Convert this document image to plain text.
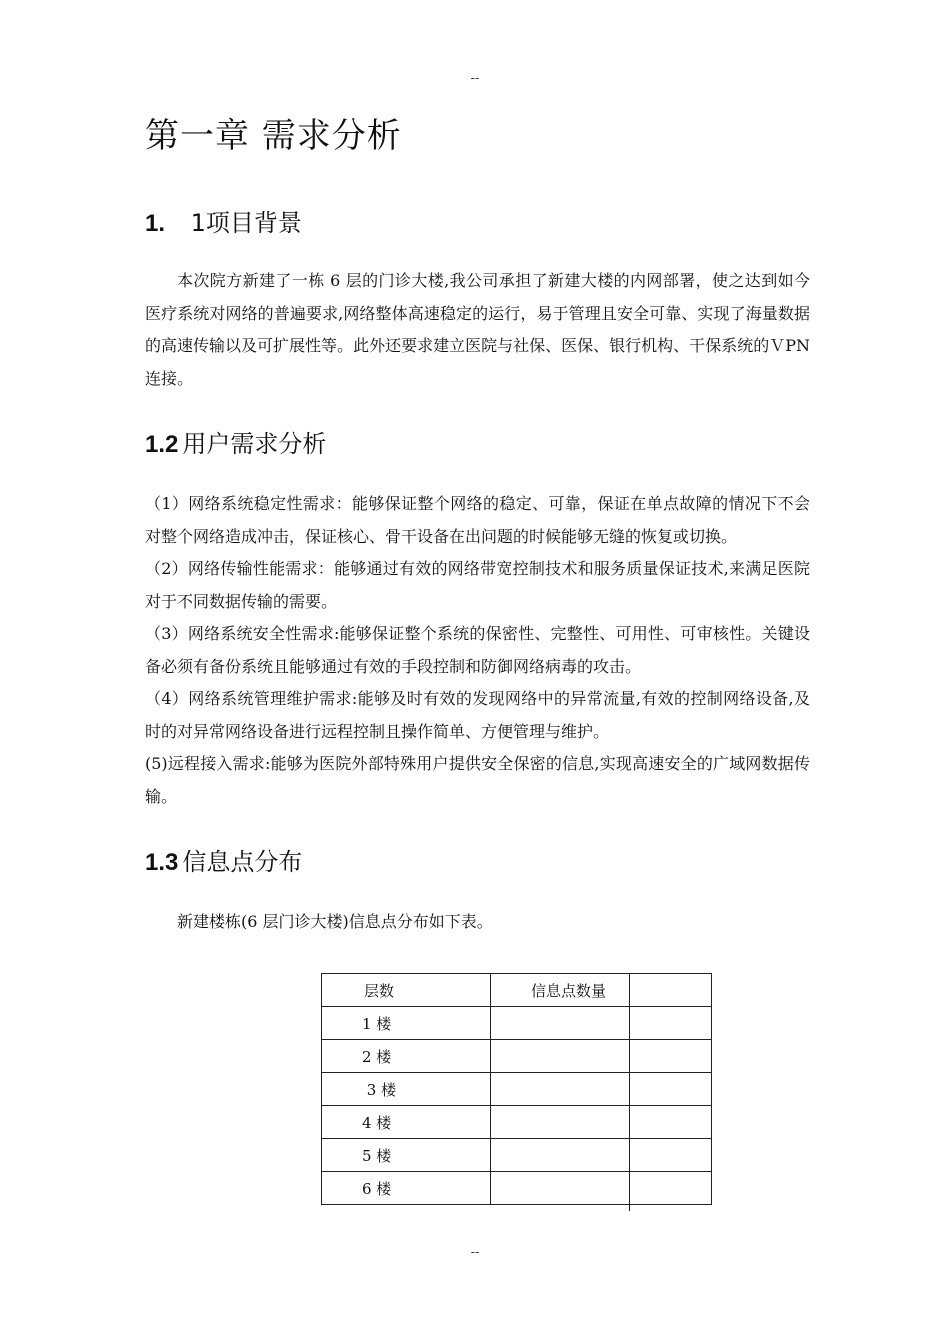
--
第一章 需求分析
1. 1项目背景

本次院方新建了一栋 6 层的门诊大楼,我公司承担了新建大楼的内网部署，使之达到如今医疗系统对网络的普遍要求,网络整体高速稳定的运行，易于管理且安全可靠、实现了海量数据的高速传输以及可扩展性等。此外还要求建立医院与社保、医保、银行机构、干保系统的ＶPN 连接。

1.2 用户需求分析
（1）网络系统稳定性需求：能够保证整个网络的稳定、可靠，保证在单点故障的情况下不会对整个网络造成冲击，保证核心、骨干设备在出问题的时候能够无缝的恢复或切换。
（2）网络传输性能需求：能够通过有效的网络带宽控制技术和服务质量保证技术,来满足医院对于不同数据传输的需要。
（3）网络系统安全性需求:能够保证整个系统的保密性、完整性、可用性、可审核性。关键设备必须有备份系统且能够通过有效的手段控制和防御网络病毒的攻击。
（4）网络系统管理维护需求:能够及时有效的发现网络中的异常流量,有效的控制网络设备,及时的对异常网络设备进行远程控制且操作简单、方便管理与维护。
(5)远程接入需求:能够为医院外部特殊用户提供安全保密的信息,实现高速安全的广域网数据传输。
1.3 信息点分布

新建楼栋(6 层门诊大楼)信息点分布如下表。

层数	信息点数量
1 楼	
2 楼	
3 楼	
4 楼	
5 楼	
6 楼	
--
